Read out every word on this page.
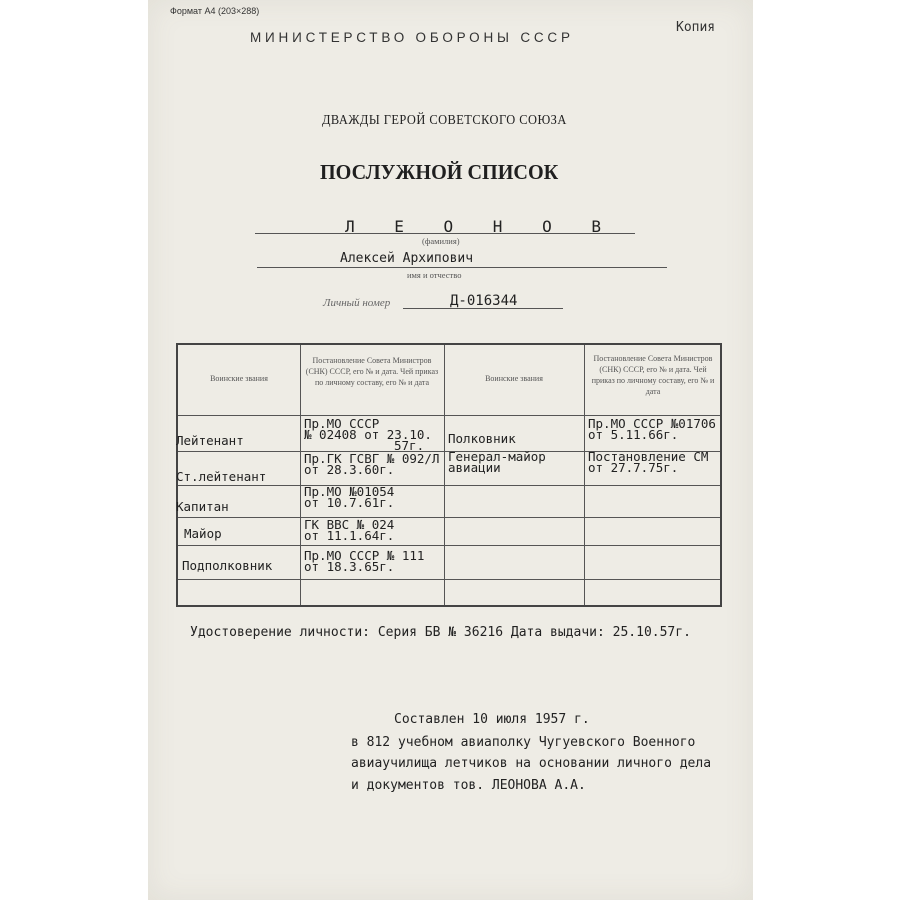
Формат А4 (203×288)
МИНИСТЕРСТВО ОБОРОНЫ СССР
Копия
ДВАЖДЫ ГЕРОЙ СОВЕТСКОГО СОЮЗА
ПОСЛУЖНОЙ СПИСОК
Л Е О Н О В
(фамилия)
Алексей Архипович
имя и отчество
Личный номер	Д-016344
Воинские звания
Постановление Совета Министров (СНК) СССР, его № и дата. Чей приказ по личному составу, его № и дата	Воинские звания
Постановление Совета Министров (СНК) СССР, его № и дата. Чей приказ по личному составу, его № и дата
Лейтенант
Пр.МО СССР
№ 02408 от 23.10.
57г.
Ст.лейтенант
Пр.ГК ГСВГ № 092/Л
от 28.3.60г.
Капитан
Пр.МО №01054
от 10.7.61г.
Майор
ГК ВВС № 024
от 11.1.64г.
Подполковник
Пр.МО СССР № 111
от 18.3.65г.
Полковник
Пр.МО СССР №01706
от 5.11.66г.
Генерал-майор
авиации
Постановление СМ
от 27.7.75г.
Удостоверение личности: Серия БВ № 36216 Дата выдачи: 25.10.57г.
Составлен 10 июля 1957 г.
в 812 учебном авиаполку Чугуевского Военного
авиаучилища летчиков на основании личного дела
и документов тов. ЛЕОНОВА А.А.
